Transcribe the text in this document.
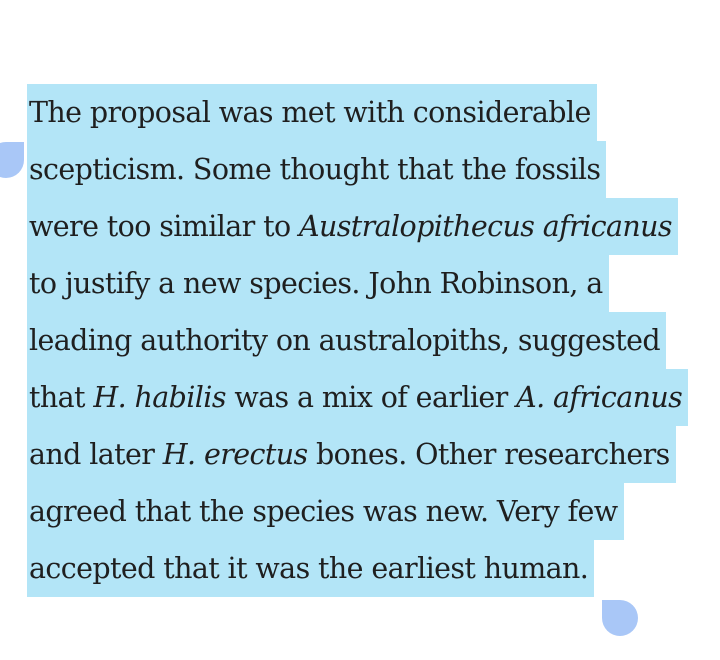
The proposal was met with considerable
scepticism. Some thought that the fossils
were too similar to Australopithecus africanus
to justify a new species. John Robinson, a
leading authority on australopiths, suggested
that H. habilis was a mix of earlier A. africanus
and later H. erectus bones. Other researchers
agreed that the species was new. Very few
accepted that it was the earliest human.
